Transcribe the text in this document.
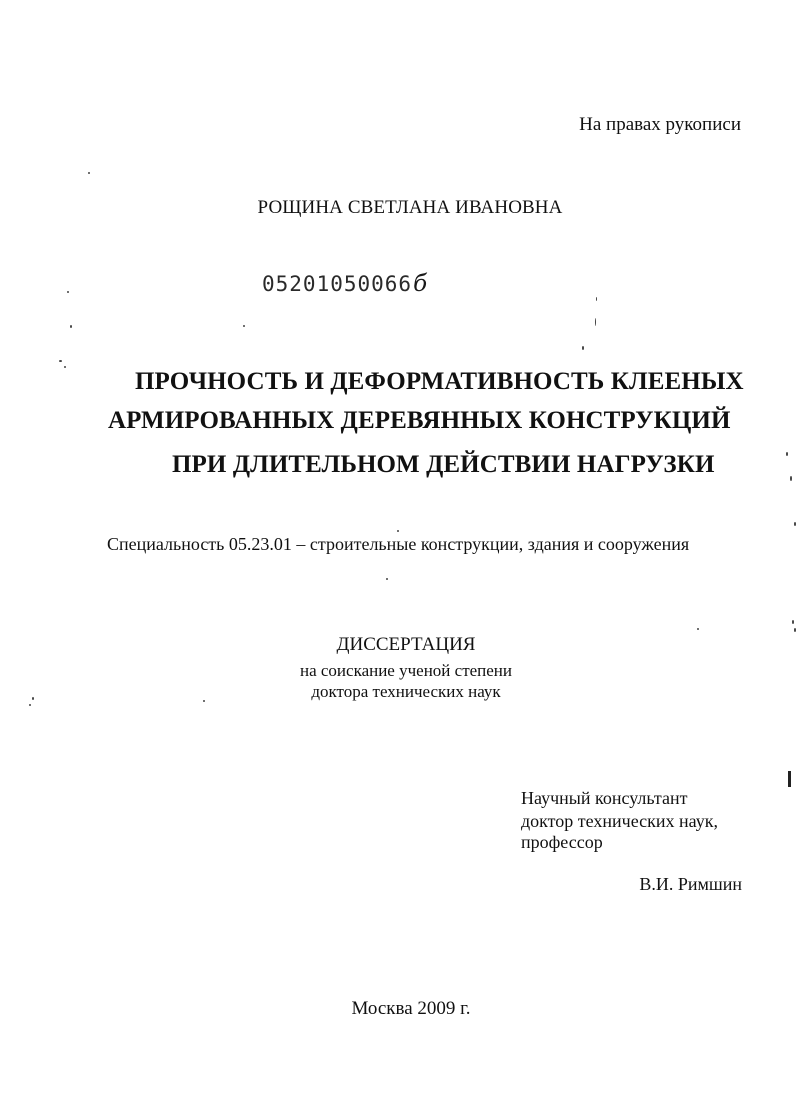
На правах рукописи
РОЩИНА СВЕТЛАНА ИВАНОВНА
05201050066б
ПРОЧНОСТЬ И ДЕФОРМАТИВНОСТЬ КЛЕЕНЫХ
АРМИРОВАННЫХ ДЕРЕВЯННЫХ КОНСТРУКЦИЙ
ПРИ ДЛИТЕЛЬНОМ ДЕЙСТВИИ НАГРУЗКИ
Специальность 05.23.01 – строительные конструкции, здания и сооружения
ДИССЕРТАЦИЯ
на соискание ученой степени
доктора технических наук
Научный консультант
доктор технических наук,
профессор
В.И. Римшин
Москва 2009 г.
